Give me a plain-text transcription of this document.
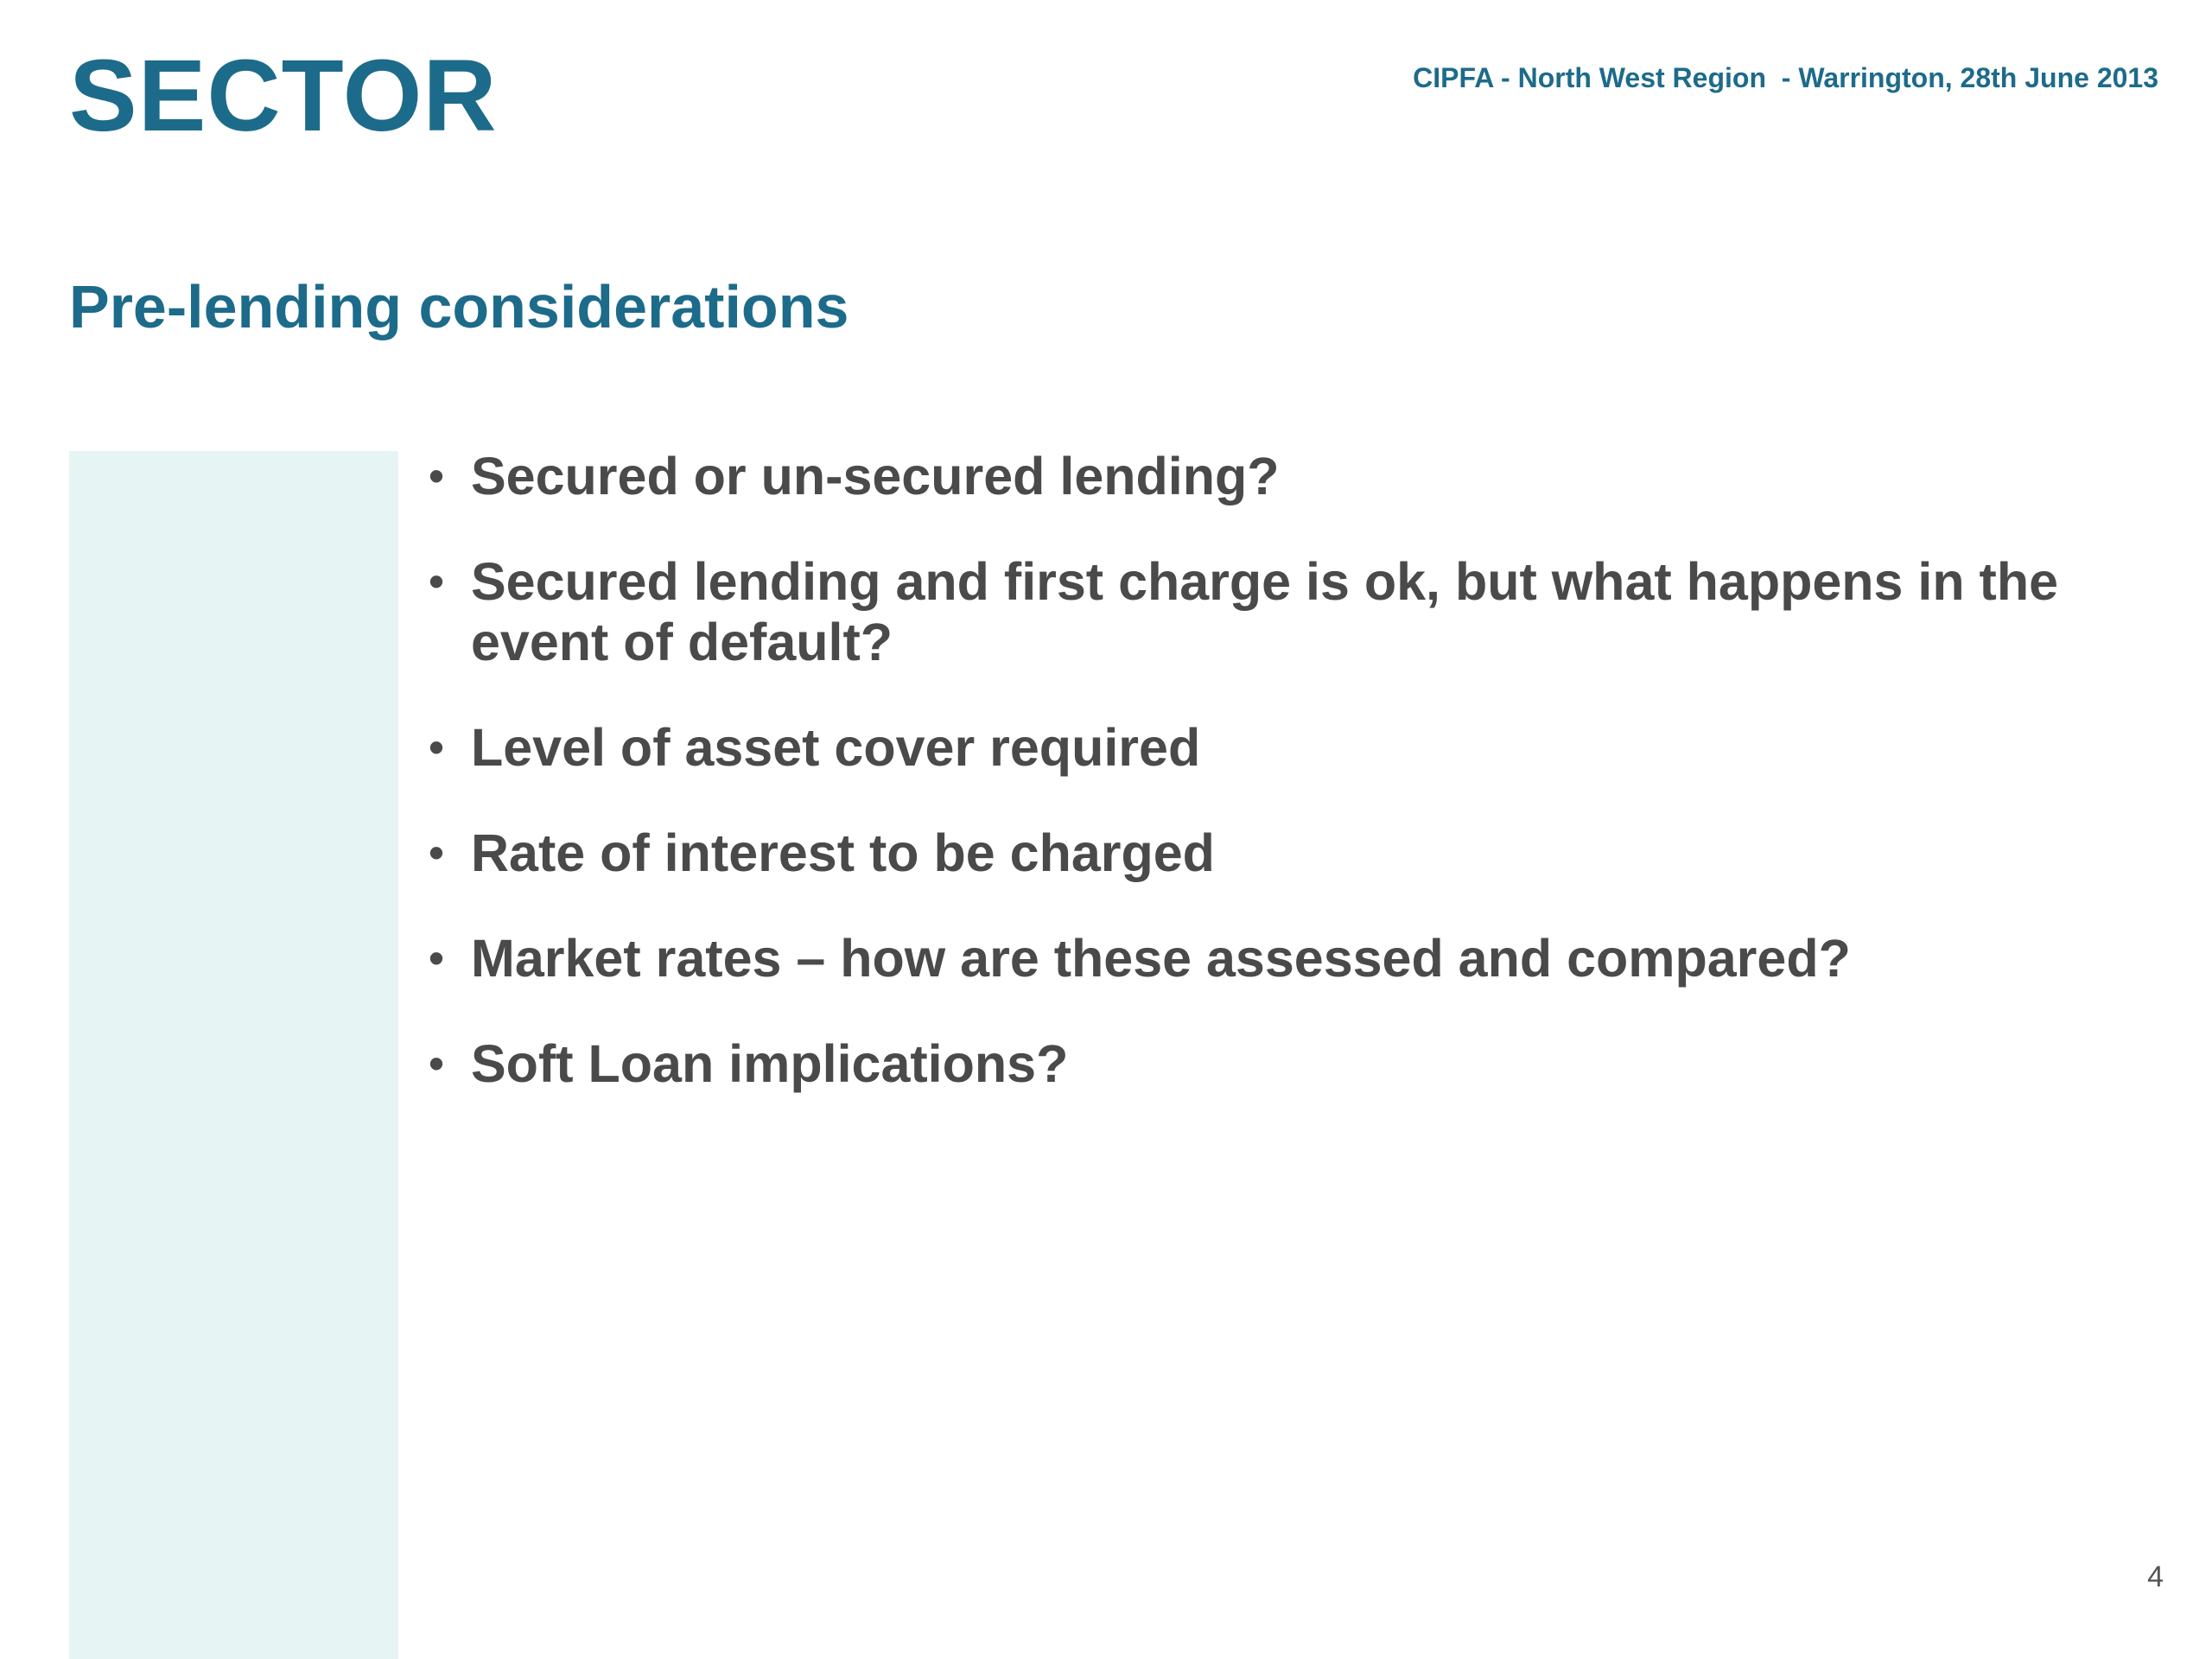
SECTOR	CIPFA - North West Region  - Warrington, 28th June 2013
Pre-lending considerations
• Secured or un-secured lending?
• Secured lending and first charge is ok, but what happens in the event of default?
• Level of asset cover required
• Rate of interest to be charged
• Market rates – how are these assessed and compared?
• Soft Loan implications?
4
